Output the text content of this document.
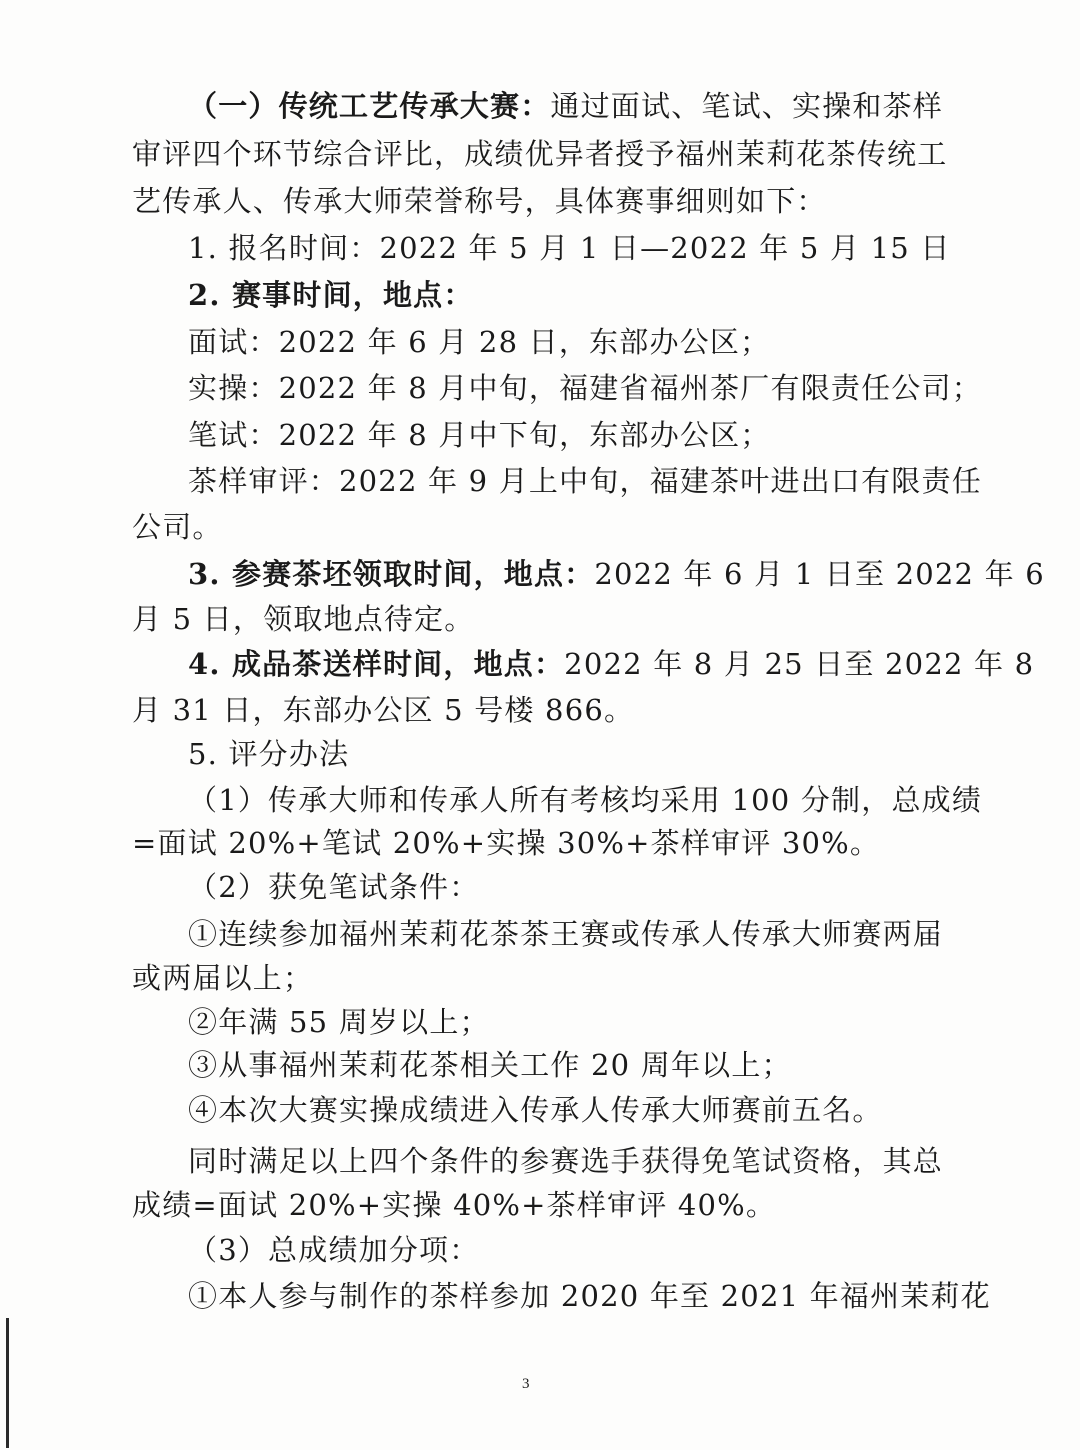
（一）传统工艺传承大赛：通过面试、笔试、实操和茶样
审评四个环节综合评比，成绩优异者授予福州茉莉花茶传统工
艺传承人、传承大师荣誉称号，具体赛事细则如下：
1. 报名时间：2022 年 5 月 1 日—2022 年 5 月 15 日
2. 赛事时间，地点：
面试：2022 年 6 月 28 日，东部办公区；
实操：2022 年 8 月中旬，福建省福州茶厂有限责任公司；
笔试：2022 年 8 月中下旬，东部办公区；
茶样审评：2022 年 9 月上中旬，福建茶叶进出口有限责任
公司。
3. 参赛茶坯领取时间，地点：2022 年 6 月 1 日至 2022 年 6
月 5 日，领取地点待定。
4. 成品茶送样时间，地点：2022 年 8 月 25 日至 2022 年 8
月 31 日，东部办公区 5 号楼 866。
5. 评分办法
（1）传承大师和传承人所有考核均采用 100 分制，总成绩
=面试 20%+笔试 20%+实操 30%+茶样审评 30%。
（2）获免笔试条件：
①连续参加福州茉莉花茶茶王赛或传承人传承大师赛两届
或两届以上；
②年满 55 周岁以上；
③从事福州茉莉花茶相关工作 20 周年以上；
④本次大赛实操成绩进入传承人传承大师赛前五名。
同时满足以上四个条件的参赛选手获得免笔试资格，其总
成绩=面试 20%+实操 40%+茶样审评 40%。
（3）总成绩加分项：
①本人参与制作的茶样参加 2020 年至 2021 年福州茉莉花
3
